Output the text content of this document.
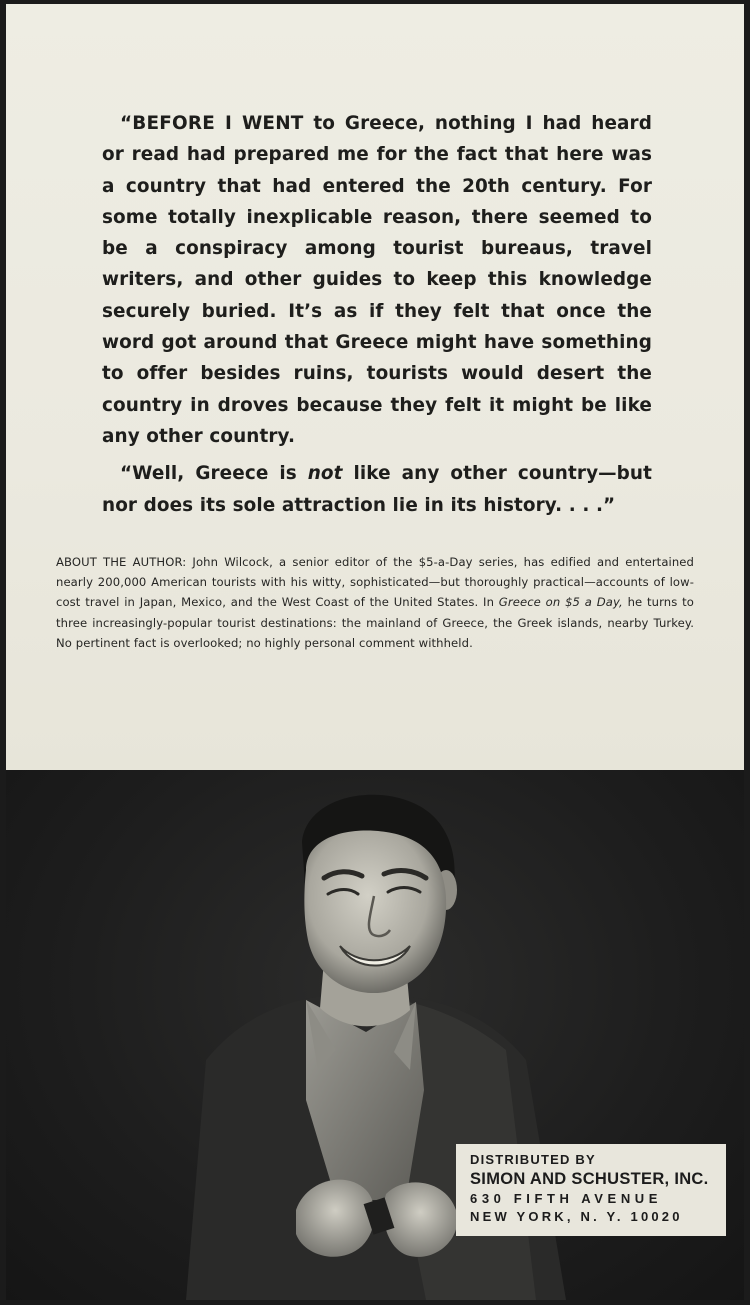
“BEFORE I WENT to Greece, nothing I had heard or read had prepared me for the fact that here was a country that had entered the 20th century. For some totally inexplicable reason, there seemed to be a conspiracy among tourist bureaus, travel writers, and other guides to keep this knowledge securely buried. It’s as if they felt that once the word got around that Greece might have something to offer besides ruins, tourists would desert the country in droves because they felt it might be like any other country.

“Well, Greece is not like any other country—but nor does its sole attraction lie in its history. . . .”

ABOUT THE AUTHOR: John Wilcock, a senior editor of the $5-a-Day series, has edified and entertained nearly 200,000 American tourists with his witty, sophisticated—but thoroughly practical—accounts of low-cost travel in Japan, Mexico, and the West Coast of the United States. In Greece on $5 a Day, he turns to three increasingly-popular tourist destinations: the mainland of Greece, the Greek islands, nearby Turkey. No pertinent fact is overlooked; no highly personal comment withheld.
DISTRIBUTED BY
SIMON AND SCHUSTER, INC.
630 FIFTH AVENUE
NEW YORK, N. Y. 10020
